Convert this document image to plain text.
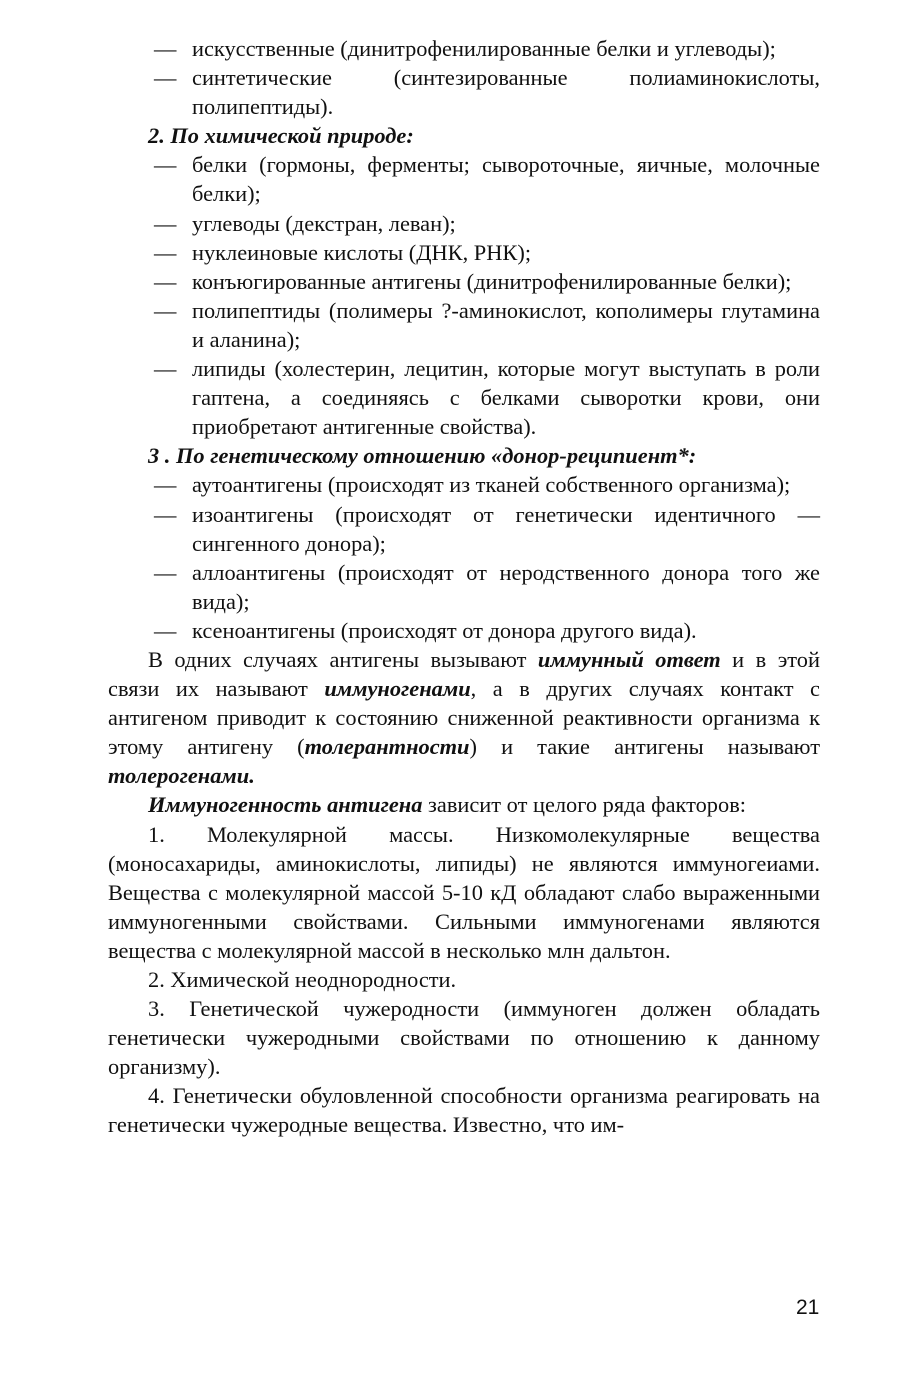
— искусственные (динитрофенилированные белки и углеводы);
— синтетические (синтезированные полиаминокислоты, полипептиды).
2. По химической природе:
— белки (гормоны, ферменты; сывороточные, яичные, молочные белки);
— углеводы (декстран, леван);
— нуклеиновые кислоты (ДНК, РНК);
— конъюгированные антигены (динитрофенилированные белки);
— полипептиды (полимеры ?-аминокислот, кополимеры глутамина и аланина);
— липиды (холестерин, лецитин, которые могут выступать в роли гаптена, а соединяясь с белками сыворотки крови, они приобретают антигенные свойства).
3 . По генетическому отношению «донор-реципиент*:
— аутоантигены (происходят из тканей собственного организма);
— изоантигены (происходят от генетически идентичного — сингенного донора);
— аллоантигены (происходят от неродственного донора того же вида);
— ксеноантигены (происходят от донора другого вида).

В одних случаях антигены вызывают иммунный ответ и в этой связи их называют иммуногенами, а в других случаях контакт с антигеном приводит к состоянию сниженной реактивности организма к этому антигену (толерантности) и такие антигены называют толерогенами.

Иммуногенность антигена зависит от целого ряда факторов:

1. Молекулярной массы. Низкомолекулярные вещества (моносахариды, аминокислоты, липиды) не являются иммуногеиами. Вещества с молекулярной массой 5-10 кД обладают слабо выраженными иммуногенными свойствами. Сильными иммуногенами являются вещества с молекулярной массой в несколько млн дальтон.

2. Химической неоднородности.

3. Генетической чужеродности (иммуноген должен обладать генетически чужеродными свойствами по отношению к данному организму).

4. Генетически обуловленной способности организма реагировать на генетически чужеродные вещества. Известно, что им-

21
